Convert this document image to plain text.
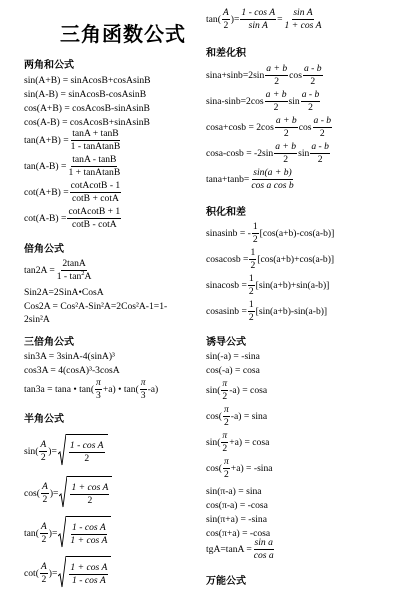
三角函数公式
两角和公式
sin(A+B) = sinAcosB+cosAsinB
sin(A-B) = sinAcosB-cosAsinB
cos(A+B) = cosAcosB-sinAsinB
cos(A-B) = cosAcosB+sinAsinB
$\tan(A+B) = \frac{\tan A + \tan B}{\text{1 - tanAtanB}}$
$\tan(A-B) = \frac{\tan A - \tan B}{\text{1 + tanAtanB}}$
$\cot(A+B) = \frac{\text{cotAcotB - 1}}{\cot B + \cot A}$
$\cot(A-B) = \frac{\text{cotAcotB + 1}}{\cot B - \cot A}$
倍角公式
$\tan 2A = \frac{2\tan A}{1 - \tan^2A}$
Sin2A=2SinA•CosA
Cos2A = Cos²A-Sin²A=2Cos²A-1=1-
2sin²A
三倍角公式
sin3A = 3sinA-4(sinA)³
cos3A = 4(cosA)³-3cosA
tan3a = tana • $\tan( \frac{\pi}{3} +a)$ • $\tan( \frac{\pi}{3} -a)$
半角公式
$\sin( \frac{A}{2}$ )= $\frac{\text{1 - cos A}}{2}$
$\cos( \frac{A}{2}$ )= $\frac{\text{1 + cos A}}{2}$
$\tan( \frac{A}{2}$ )= $\frac{\text{1 - cos A}}{\text{1 + cos A}}$
$\cot( \frac{A}{2}$ )= $\frac{\text{1 + cos A}}{\text{1 - cos A}}$
$\tan( \frac{A}{2}$ )= $\frac{\text{1 - cos A}}{\text{sin A}} = \frac{\text{sin A}}{\text{1 + cos A}}$
和差化积
$\sin a+\sin b=2\sin \frac{a + b}{2}$ $\cos \frac{a - b}{2}$
$\sin a-\sin b=2\cos \frac{a + b}{2}$ $\sin \frac{a - b}{2}$
$\cos a+\cos b = 2\cos \frac{a + b}{2}$ $\cos \frac{a - b}{2}$
$\cos a-\cos b = -2\sin \frac{a + b}{2}$ $\sin \frac{a - b}{2}$
$\tan a+\tan b= \frac{\sin(a + b)}{\text{cos a cos b}}$
积化和差
sinasinb = - $\frac{1}{2} [\cos(a+b)-\cos(a-b)]$
cosacosb = $\frac{1}{2} [\cos(a+b)+\cos(a-b)]$
sinacosb = $\frac{1}{2} [\sin(a+b)+\sin(a-b)]$
cosasinb = $\frac{1}{2} [\sin(a+b)-\sin(a-b)]$
诱导公式
sin(-a) = -sina
cos(-a) = cosa
$\sin( \frac{\pi}{2} -a) = \cos a$
$\cos( \frac{\pi}{2} -a) = \sin a$
$\sin( \frac{\pi}{2} +a) = \cos a$
$\cos( \frac{\pi}{2} +a) = -\sin a$
sin(π-a) = sina
cos(π-a) = -cosa
sin(π+a) = -sina
cos(π+a) = -cosa
$tgA=\tan A = \frac{\text{sin a}}{\text{cos a}}$
万能公式
